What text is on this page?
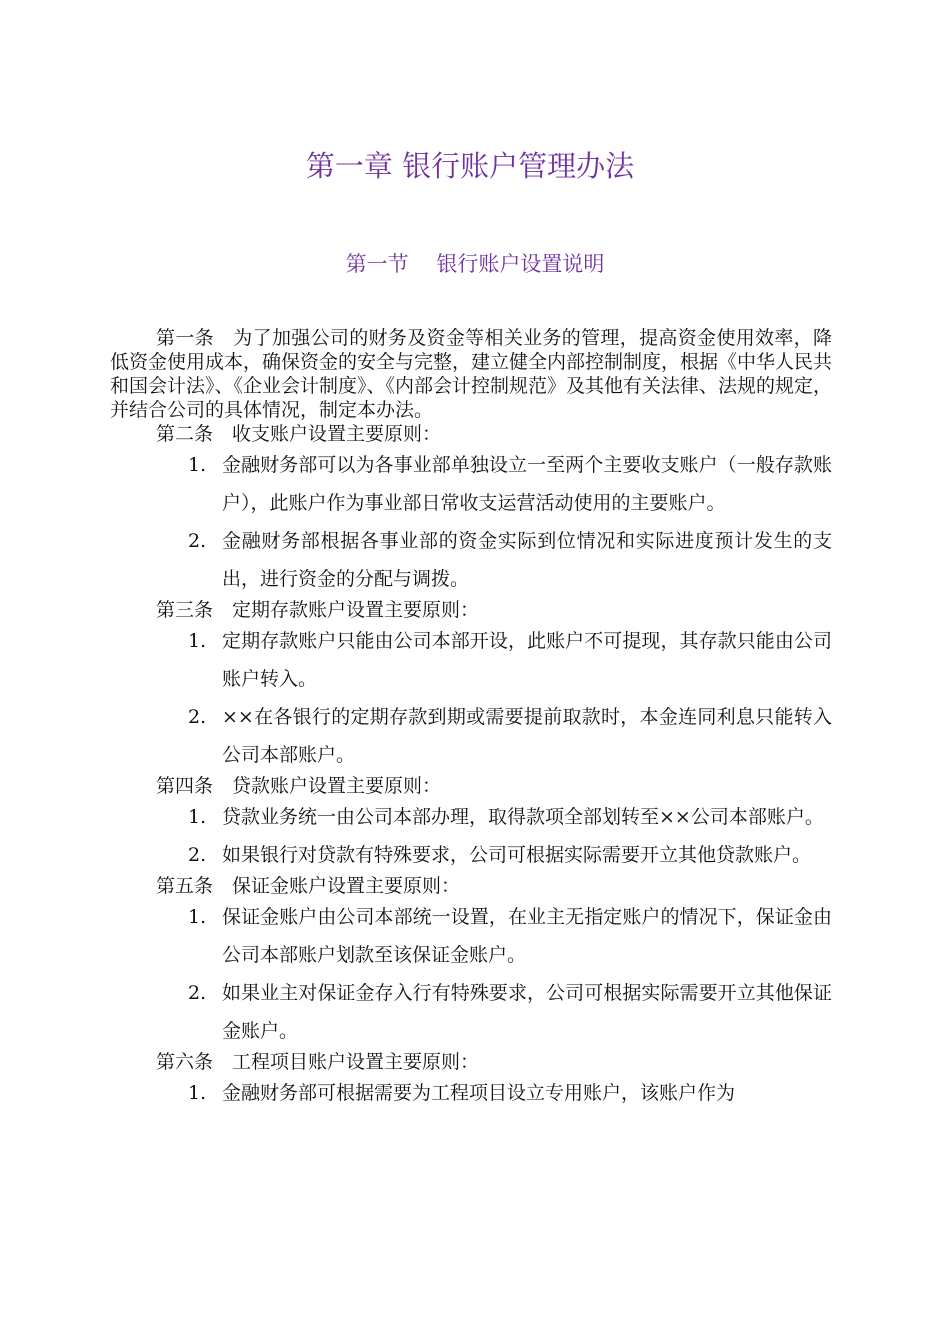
第一章 银行账户管理办法
第一节　 银行账户设置说明

第一条　为了加强公司的财务及资金等相关业务的管理，提高资金使用效率，降低资金使用成本，确保资金的安全与完整，建立健全内部控制制度，根据《中华人民共和国会计法》、《企业会计制度》、《内部会计控制规范》及其他有关法律、法规的规定，并结合公司的具体情况，制定本办法。

第二条　收支账户设置主要原则：

1. 金融财务部可以为各事业部单独设立一至两个主要收支账户（一般存款账户），此账户作为事业部日常收支运营活动使用的主要账户。
2. 金融财务部根据各事业部的资金实际到位情况和实际进度预计发生的支出，进行资金的分配与调拨。

第三条　定期存款账户设置主要原则：

1. 定期存款账户只能由公司本部开设，此账户不可提现，其存款只能由公司账户转入。
2. ××在各银行的定期存款到期或需要提前取款时，本金连同利息只能转入公司本部账户。

第四条　贷款账户设置主要原则：

1. 贷款业务统一由公司本部办理，取得款项全部划转至××公司本部账户。
2. 如果银行对贷款有特殊要求，公司可根据实际需要开立其他贷款账户。

第五条　保证金账户设置主要原则：

1. 保证金账户由公司本部统一设置，在业主无指定账户的情况下，保证金由公司本部账户划款至该保证金账户。
2. 如果业主对保证金存入行有特殊要求，公司可根据实际需要开立其他保证金账户。

第六条　工程项目账户设置主要原则：

1. 金融财务部可根据需要为工程项目设立专用账户，该账户作为
